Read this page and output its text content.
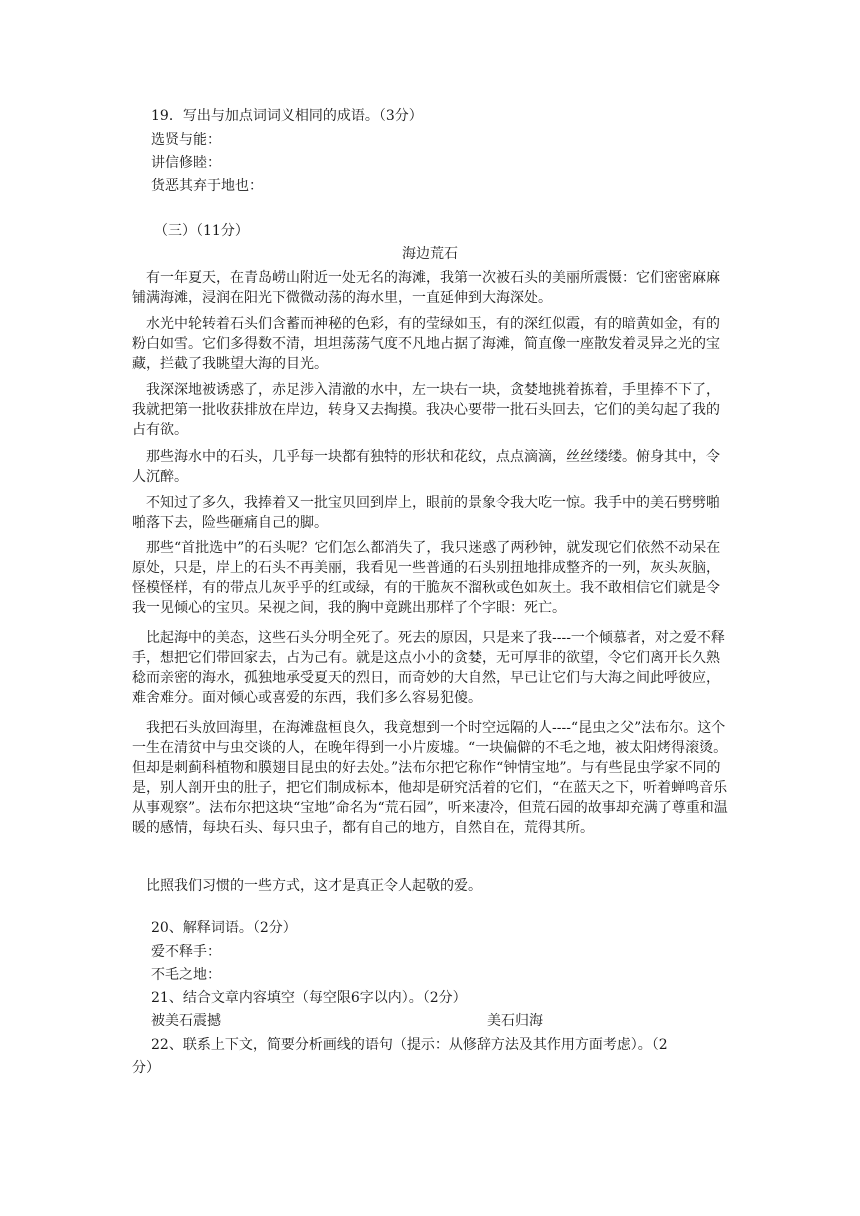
19．写出与加点词词义相同的成语。（3分）
选贤与能：
讲信修睦：
货恶其弃于地也：
（三）（11分）
海边荒石
　有一年夏天，在青岛崂山附近一处无名的海滩，我第一次被石头的美丽所震慑：它们密密麻麻铺满海滩，浸润在阳光下微微动荡的海水里，一直延伸到大海深处。
　水光中轮转着石头们含蓄而神秘的色彩，有的莹绿如玉，有的深红似霞，有的暗黄如金，有的粉白如雪。它们多得数不清，坦坦荡荡气度不凡地占据了海滩，简直像一座散发着灵异之光的宝藏，拦截了我眺望大海的目光。
　我深深地被诱惑了，赤足涉入清澈的水中，左一块右一块，贪婪地挑着拣着，手里捧不下了，我就把第一批收获排放在岸边，转身又去掏摸。我决心要带一批石头回去，它们的美勾起了我的占有欲。
　那些海水中的石头，几乎每一块都有独特的形状和花纹，点点滴滴，丝丝缕缕。俯身其中，令人沉醉。
　不知过了多久，我捧着又一批宝贝回到岸上，眼前的景象令我大吃一惊。我手中的美石劈劈啪啪落下去，险些砸痛自己的脚。
　那些“首批选中”的石头呢？它们怎么都消失了，我只迷惑了两秒钟，就发现它们依然不动呆在原处，只是，岸上的石头不再美丽，我看见一些普通的石头别扭地排成整齐的一列，灰头灰脑，怪模怪样，有的带点儿灰乎乎的红或绿，有的干脆灰不溜秋或色如灰土。我不敢相信它们就是令我一见倾心的宝贝。呆视之间，我的胸中竟跳出那样了个字眼：死亡。
　比起海中的美态，这些石头分明全死了。死去的原因，只是来了我----一个倾慕者，对之爱不释手，想把它们带回家去，占为己有。就是这点小小的贪婪，无可厚非的欲望，令它们离开长久熟稔而亲密的海水，孤独地承受夏天的烈日，而奇妙的大自然，早已让它们与大海之间此呼彼应，难舍难分。面对倾心或喜爱的东西，我们多么容易犯傻。
　我把石头放回海里，在海滩盘桓良久，我竟想到一个时空远隔的人----“昆虫之父”法布尔。这个一生在清贫中与虫交谈的人，在晚年得到一小片废墟。“一块偏僻的不毛之地，被太阳烤得滚烫。但却是刺蓟科植物和膜翅目昆虫的好去处。”法布尔把它称作“钟情宝地”。与有些昆虫学家不同的是，别人剖开虫的肚子，把它们制成标本，他却是研究活着的它们，“在蓝天之下，听着蝉鸣音乐从事观察”。法布尔把这块“宝地”命名为“荒石园”，听来凄冷，但荒石园的故事却充满了尊重和温暖的感情，每块石头、每只虫子，都有自己的地方，自然自在，荒得其所。
　比照我们习惯的一些方式，这才是真正令人起敬的爱。
20、解释词语。（2分）
爱不释手：
不毛之地：
21、结合文章内容填空（每空限6字以内）。（2分）
被美石震撼	美石归海
22、联系上下文，简要分析画线的语句（提示：从修辞方法及其作用方面考虑）。（2
分）
